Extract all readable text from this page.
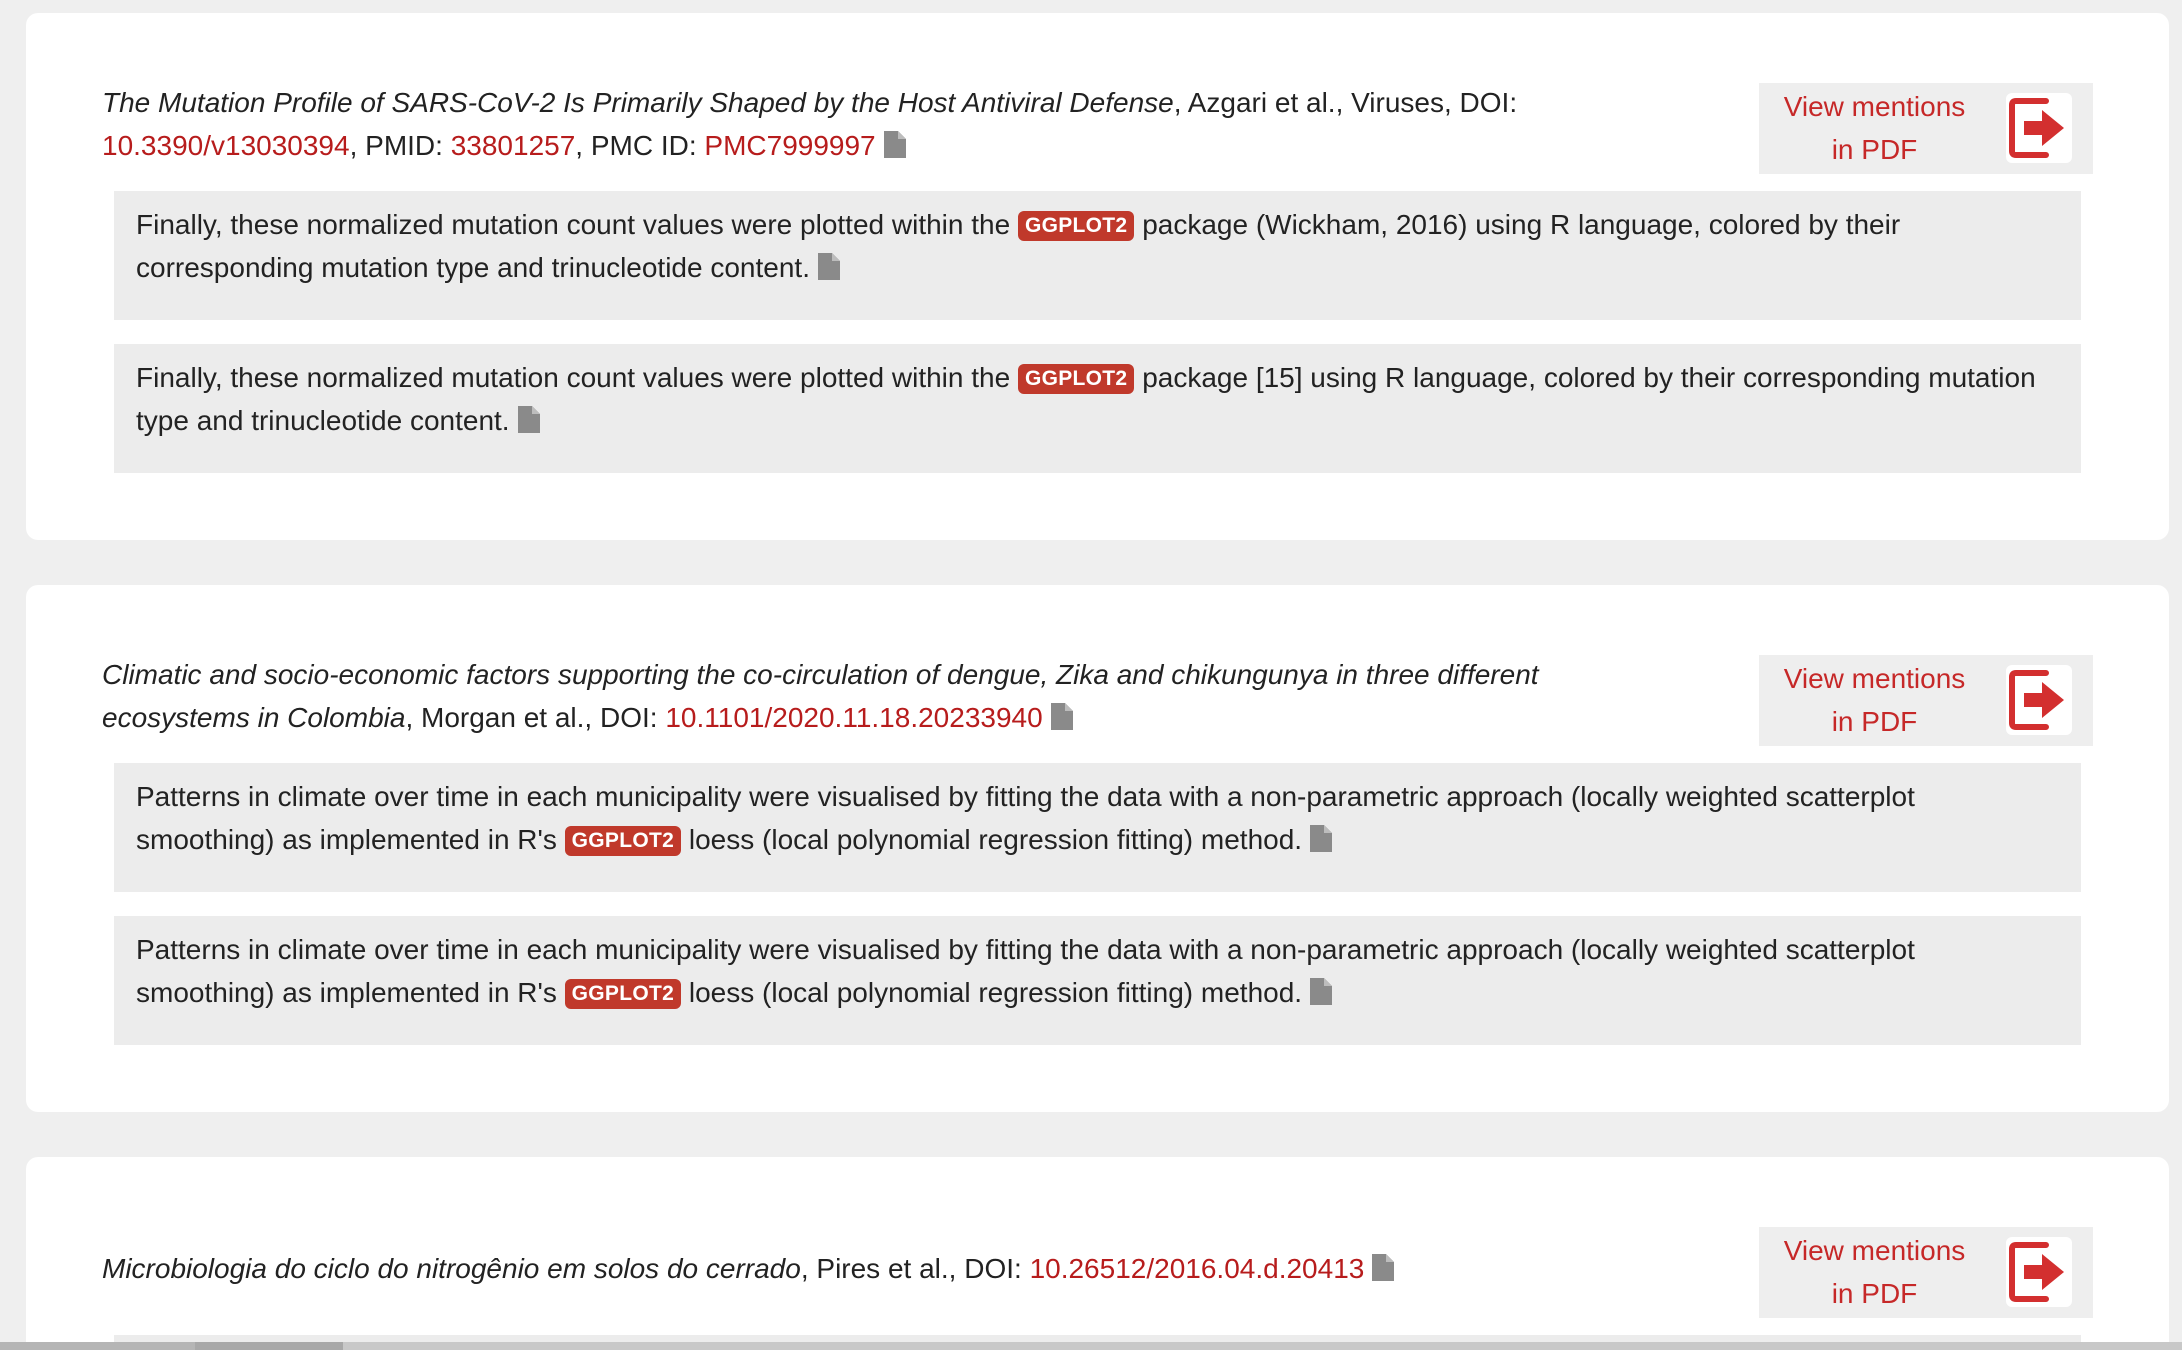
The Mutation Profile of SARS-CoV-2 Is Primarily Shaped by the Host Antiviral Defense, Azgari et al., Viruses, DOI:
10.3390/v13030394, PMID: 33801257, PMC ID: PMC7999997
View mentions
in PDF
Finally, these normalized mutation count values were plotted within the GGPLOT2 package (Wickham, 2016) using R language, colored by their corresponding mutation type and trinucleotide content.
Finally, these normalized mutation count values were plotted within the GGPLOT2 package [15] using R language, colored by their corresponding mutation type and trinucleotide content.
Climatic and socio-economic factors supporting the co-circulation of dengue, Zika and chikungunya in three different ecosystems in Colombia, Morgan et al., DOI: 10.1101/2020.11.18.20233940
View mentions
in PDF
Patterns in climate over time in each municipality were visualised by fitting the data with a non-parametric approach (locally weighted scatterplot smoothing) as implemented in R's GGPLOT2 loess (local polynomial regression fitting) method.
Patterns in climate over time in each municipality were visualised by fitting the data with a non-parametric approach (locally weighted scatterplot smoothing) as implemented in R's GGPLOT2 loess (local polynomial regression fitting) method.
Microbiologia do ciclo do nitrogênio em solos do cerrado, Pires et al., DOI: 10.26512/2016.04.d.20413
View mentions
in PDF
